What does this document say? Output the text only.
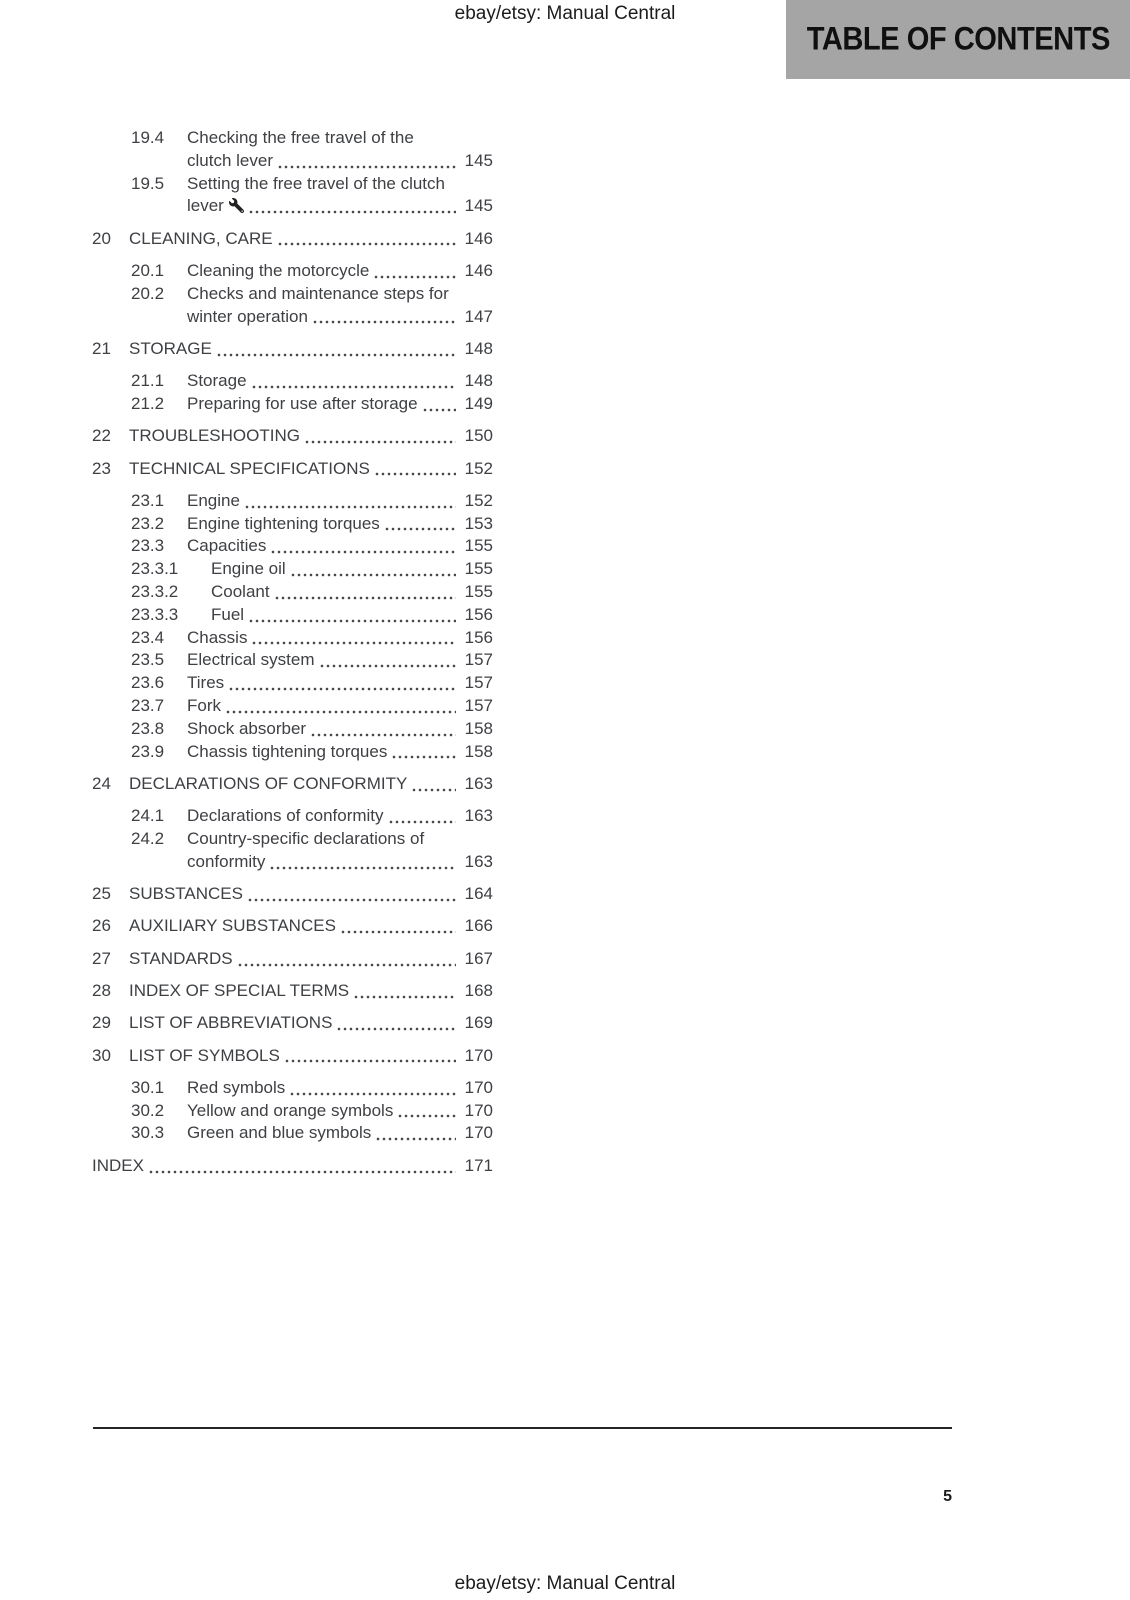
ebay/etsy: Manual Central
TABLE OF CONTENTS
19.4	Checking the free travel of the
clutch lever	145
19.5	Setting the free travel of the clutch
lever	145
20	CLEANING, CARE	146
20.1	Cleaning the motorcycle	146
20.2	Checks and maintenance steps for
winter operation	147
21	STORAGE	148
21.1	Storage	148
21.2	Preparing for use after storage	149
22	TROUBLESHOOTING	150
23	TECHNICAL SPECIFICATIONS	152
23.1	Engine	152
23.2	Engine tightening torques	153
23.3	Capacities	155
23.3.1	Engine oil	155
23.3.2	Coolant	155
23.3.3	Fuel	156
23.4	Chassis	156
23.5	Electrical system	157
23.6	Tires	157
23.7	Fork	157
23.8	Shock absorber	158
23.9	Chassis tightening torques	158
24	DECLARATIONS OF CONFORMITY	163
24.1	Declarations of conformity	163
24.2	Country-specific declarations of
conformity	163
25	SUBSTANCES	164
26	AUXILIARY SUBSTANCES	166
27	STANDARDS	167
28	INDEX OF SPECIAL TERMS	168
29	LIST OF ABBREVIATIONS	169
30	LIST OF SYMBOLS	170
30.1	Red symbols	170
30.2	Yellow and orange symbols	170
30.3	Green and blue symbols	170
INDEX	171
5
ebay/etsy: Manual Central
